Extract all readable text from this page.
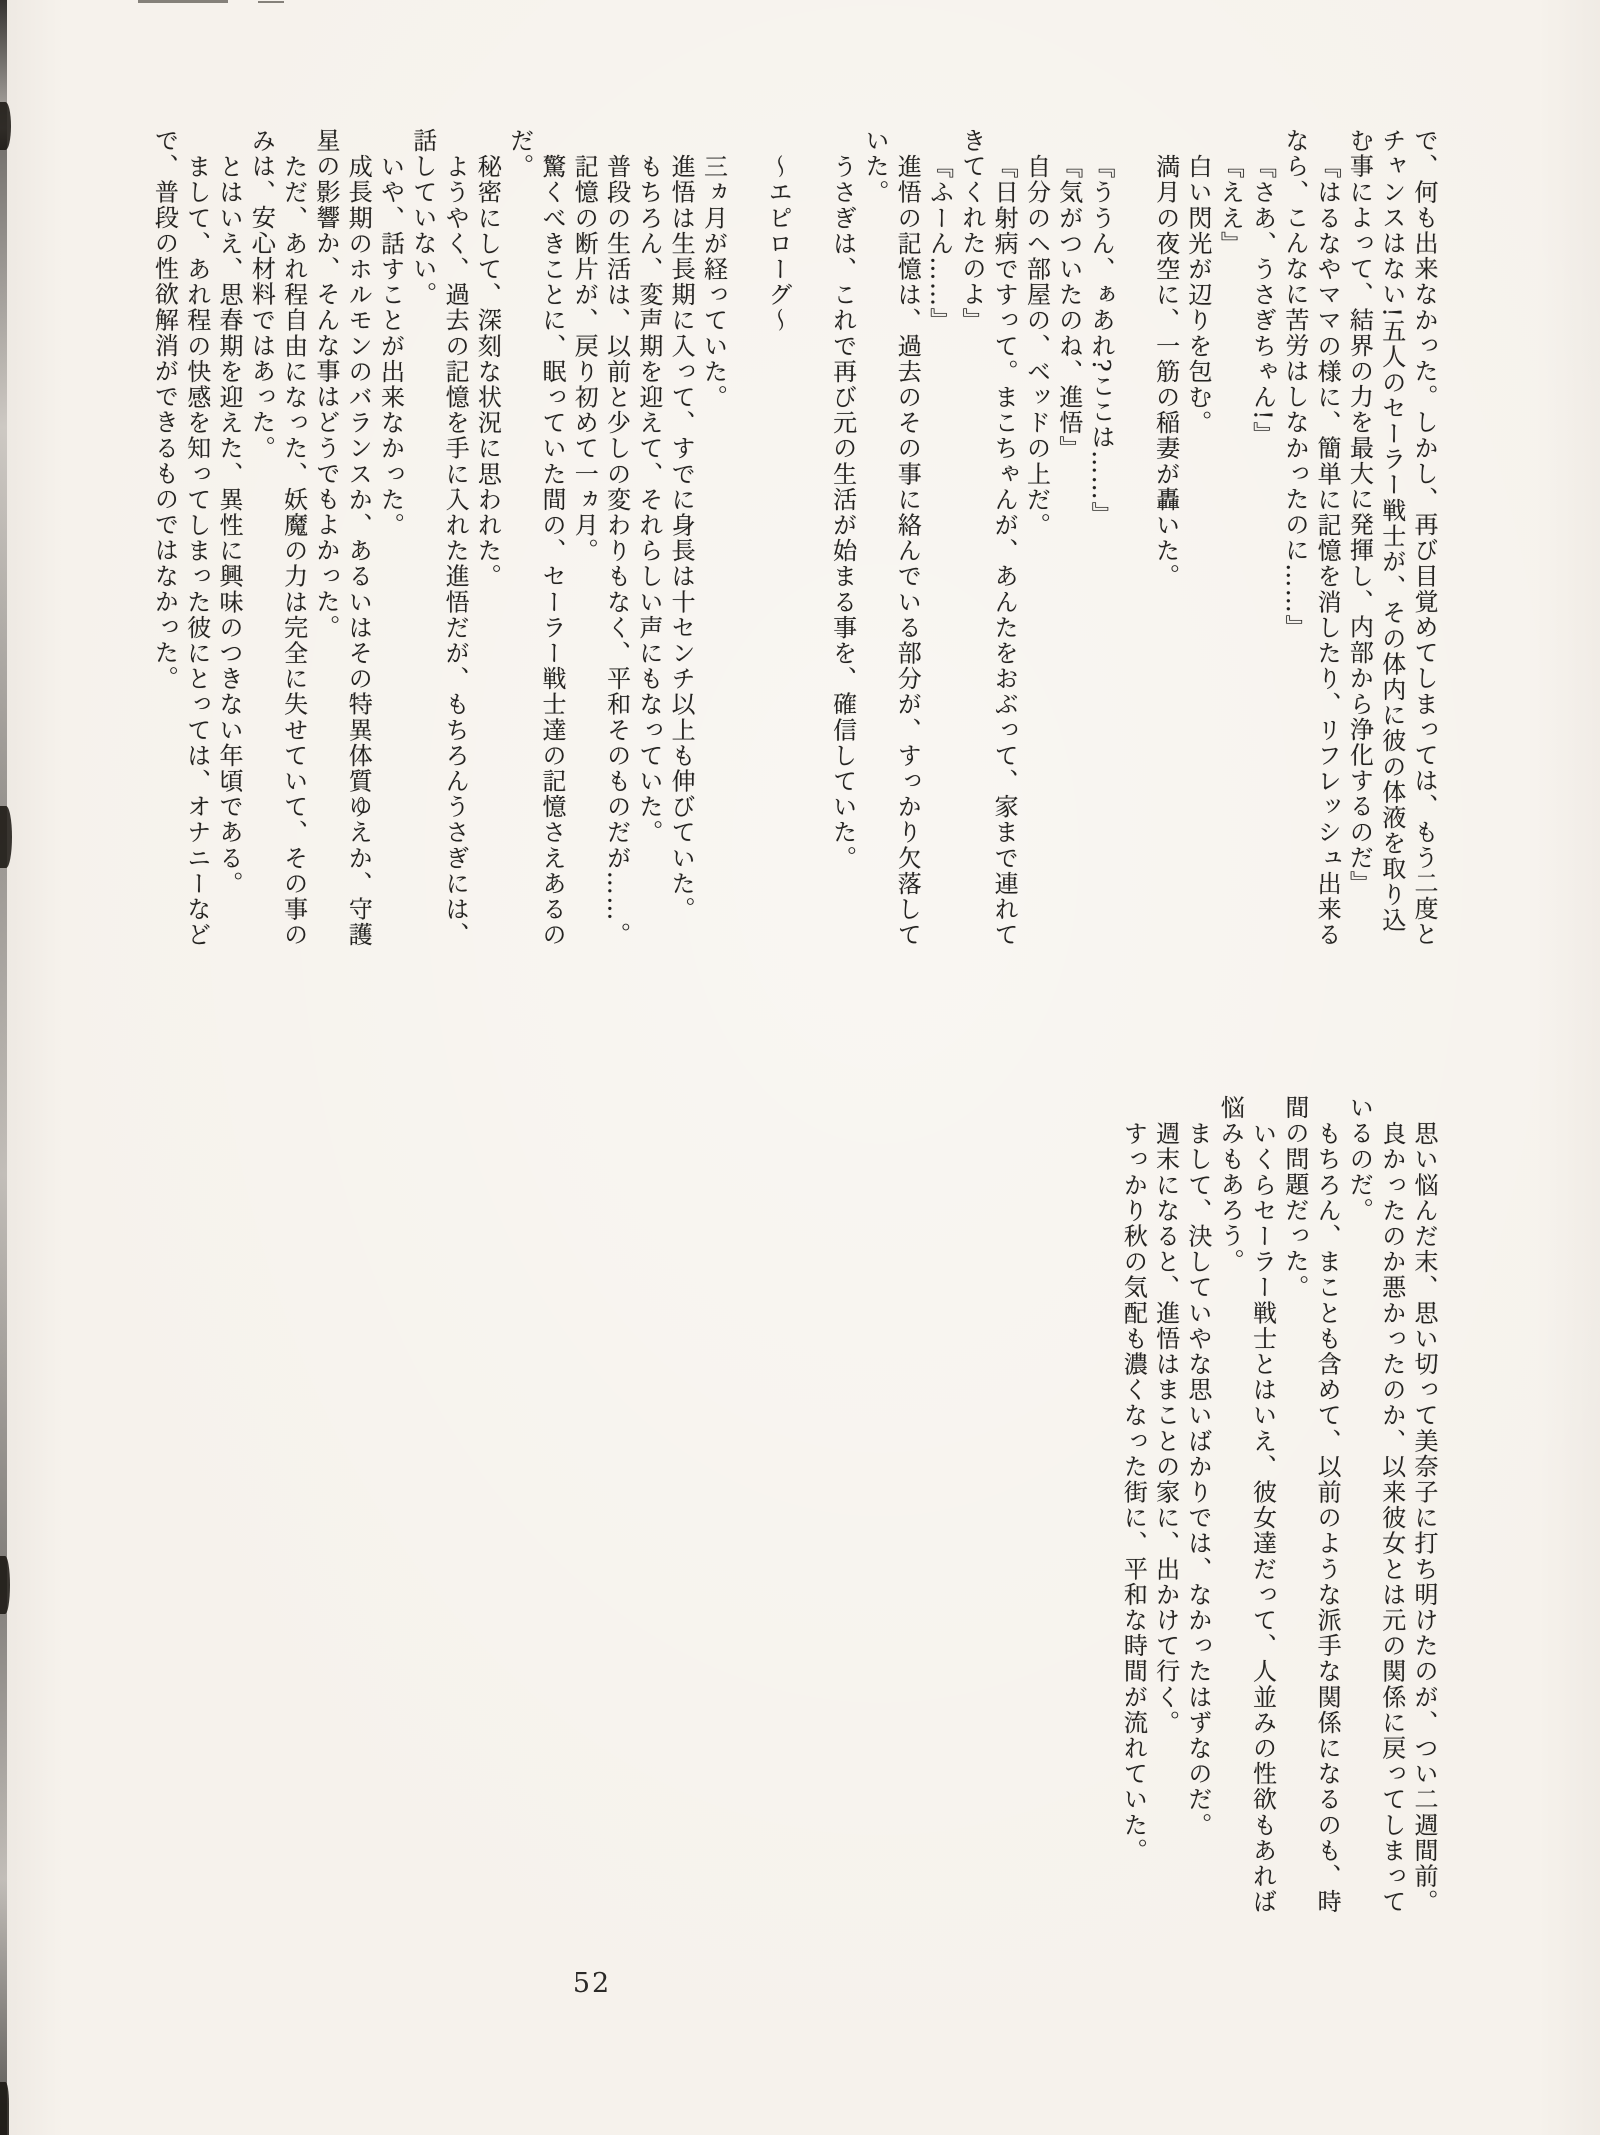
で、何も出来なかった。しかし、再び目覚めてしまっては、もう二度と

チャンスはない!五人のセーラー戦士が、その体内に彼の体液を取り込

む事によって、結界の力を最大に発揮し、内部から浄化するのだ』

『はるなやママの様に、簡単に記憶を消したり、リフレッシュ出来る

なら、こんなに苦労はしなかったのに……』

『さあ、うさぎちゃん!』

『ええ』

白い閃光が辺りを包む。

満月の夜空に、一筋の稲妻が轟いた。

『ううん、ぁあれ?ここは……』

『気がついたのね、進悟』

自分のヘ部屋の、ベッドの上だ。

『日射病ですって。まこちゃんが、あんたをおぶって、家まで連れて

きてくれたのよ』

『ふーん……』

進悟の記憶は、過去のその事に絡んでいる部分が、すっかり欠落して

いた。

うさぎは、これで再び元の生活が始まる事を、確信していた。

〜エピローグ〜

三ヵ月が経っていた。

進悟は生長期に入って、すでに身長は十センチ以上も伸びていた。

もちろん、変声期を迎えて、それらしい声にもなっていた。

普段の生活は、以前と少しの変わりもなく、平和そのものだが……。

記憶の断片が、戻り初めて一ヵ月。

驚くべきことに、眠っていた間の、セーラー戦士達の記憶さえあるの

だ。

秘密にして、深刻な状況に思われた。

ようやく、過去の記憶を手に入れた進悟だが、もちろんうさぎには、

話していない。

いや、話すことが出来なかった。

成長期のホルモンのバランスか、あるいはその特異体質ゆえか、守護

星の影響か、そんな事はどうでもよかった。

ただ、あれ程自由になった、妖魔の力は完全に失せていて、その事の

みは、安心材料ではあった。

とはいえ、思春期を迎えた、異性に興味のつきない年頃である。

まして、あれ程の快感を知ってしまった彼にとっては、オナニーなど

で、普段の性欲解消ができるものではなかった。

思い悩んだ末、思い切って美奈子に打ち明けたのが、つい二週間前。

良かったのか悪かったのか、以来彼女とは元の関係に戻ってしまって

いるのだ。

もちろん、まことも含めて、以前のような派手な関係になるのも、時

間の問題だった。

いくらセーラー戦士とはいえ、彼女達だって、人並みの性欲もあれば

悩みもあろう。

まして、決していやな思いばかりでは、なかったはずなのだ。

週末になると、進悟はまことの家に、出かけて行く。

すっかり秋の気配も濃くなった街に、平和な時間が流れていた。

52
